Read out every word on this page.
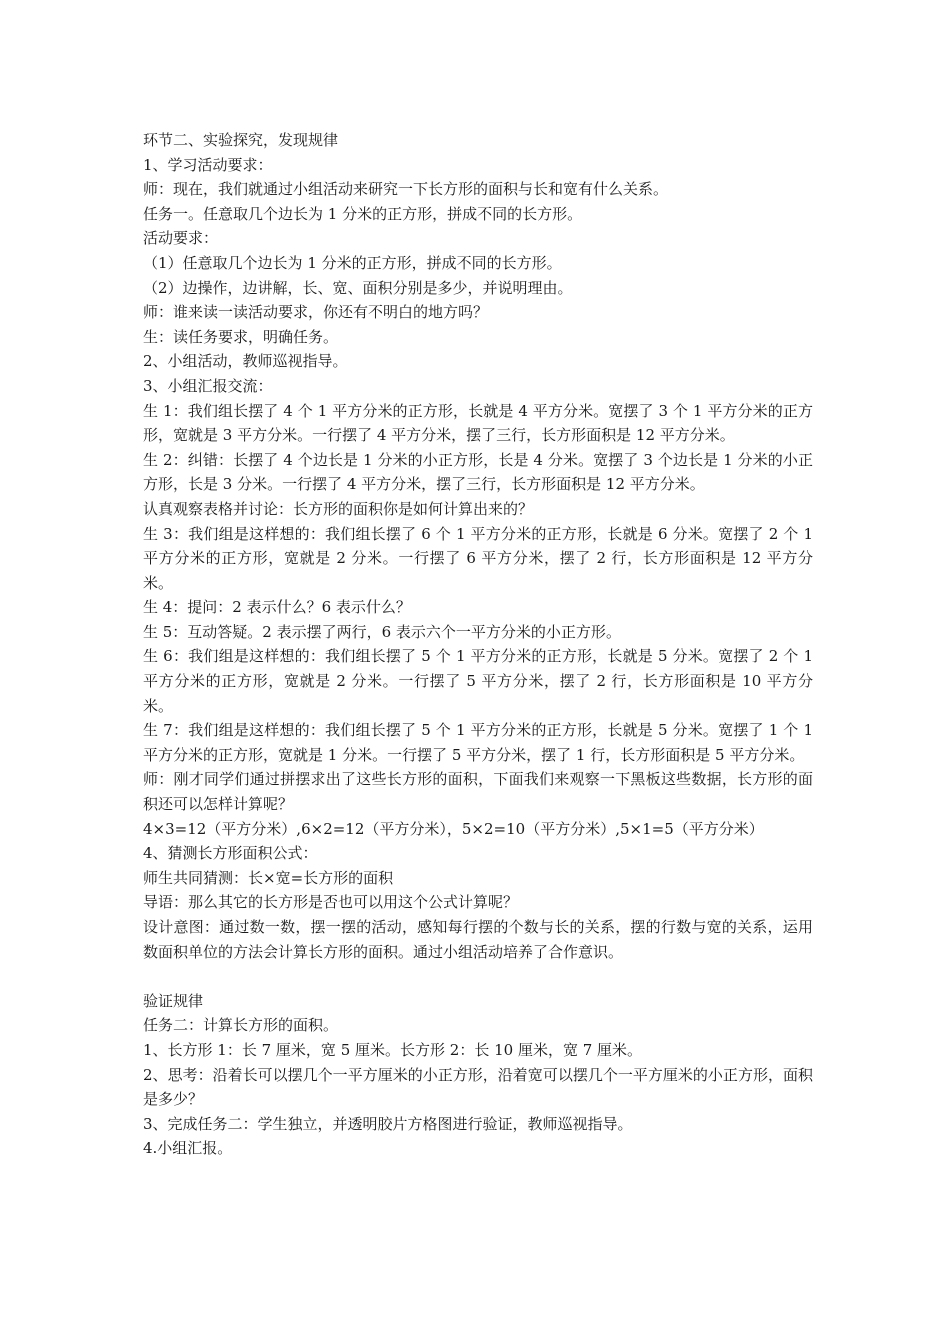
环节二、实验探究，发现规律

1、学习活动要求：

师：现在，我们就通过小组活动来研究一下长方形的面积与长和宽有什么关系。

任务一。任意取几个边长为 1 分米的正方形，拼成不同的长方形。

活动要求：

（1）任意取几个边长为 1 分米的正方形，拼成不同的长方形。

（2）边操作，边讲解，长、宽、面积分别是多少，并说明理由。

师：谁来读一读活动要求，你还有不明白的地方吗？

生：读任务要求，明确任务。

2、小组活动，教师巡视指导。

3、小组汇报交流：

生 1：我们组长摆了 4 个 1 平方分米的正方形，长就是 4 平方分米。宽摆了 3 个 1 平方分米的正方形，宽就是 3 平方分米。一行摆了 4 平方分米，摆了三行，长方形面积是 12 平方分米。

生 2：纠错：长摆了 4 个边长是 1 分米的小正方形，长是 4 分米。宽摆了 3 个边长是 1 分米的小正方形，长是 3 分米。一行摆了 4 平方分米，摆了三行，长方形面积是 12 平方分米。

认真观察表格并讨论：长方形的面积你是如何计算出来的？

生 3：我们组是这样想的：我们组长摆了 6 个 1 平方分米的正方形，长就是 6 分米。宽摆了 2 个 1 平方分米的正方形，宽就是 2 分米。一行摆了 6 平方分米，摆了 2 行，长方形面积是 12 平方分米。

生 4：提问：2 表示什么？6 表示什么？

生 5：互动答疑。2 表示摆了两行，6 表示六个一平方分米的小正方形。

生 6：我们组是这样想的：我们组长摆了 5 个 1 平方分米的正方形，长就是 5 分米。宽摆了 2 个 1 平方分米的正方形，宽就是 2 分米。一行摆了 5 平方分米，摆了 2 行，长方形面积是 10 平方分米。

生 7：我们组是这样想的：我们组长摆了 5 个 1 平方分米的正方形，长就是 5 分米。宽摆了 1 个 1 平方分米的正方形，宽就是 1 分米。一行摆了 5 平方分米，摆了 1 行，长方形面积是 5 平方分米。

师：刚才同学们通过拼摆求出了这些长方形的面积，下面我们来观察一下黑板这些数据，长方形的面积还可以怎样计算呢？

4×3=12（平方分米）,6×2=12（平方分米），5×2=10（平方分米）,5×1=5（平方分米）

4、猜测长方形面积公式：

师生共同猜测：长×宽=长方形的面积

导语：那么其它的长方形是否也可以用这个公式计算呢？

设计意图：通过数一数，摆一摆的活动，感知每行摆的个数与长的关系，摆的行数与宽的关系，运用数面积单位的方法会计算长方形的面积。通过小组活动培养了合作意识。

验证规律

任务二：计算长方形的面积。

1、长方形 1：长 7 厘米，宽 5 厘米。长方形 2：长 10 厘米，宽 7 厘米。

2、思考：沿着长可以摆几个一平方厘米的小正方形，沿着宽可以摆几个一平方厘米的小正方形，面积是多少？

3、完成任务二：学生独立，并透明胶片方格图进行验证，教师巡视指导。

4.小组汇报。
